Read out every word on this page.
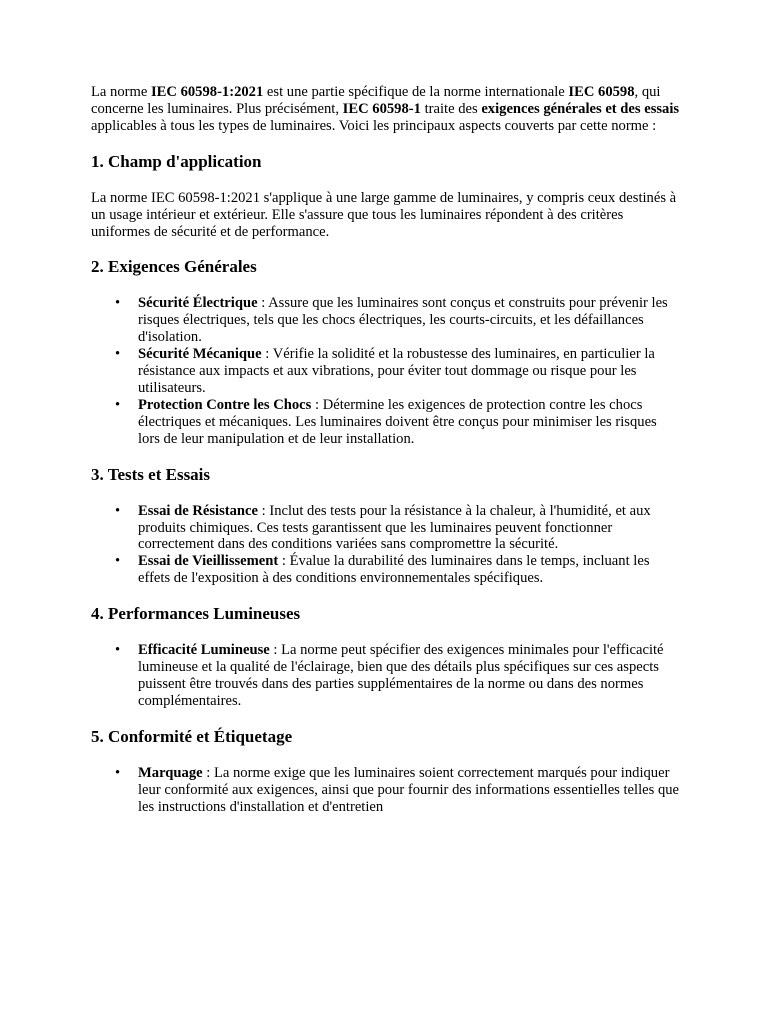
La norme IEC 60598-1:2021 est une partie spécifique de la norme internationale IEC 60598, qui concerne les luminaires. Plus précisément, IEC 60598-1 traite des exigences générales et des essais applicables à tous les types de luminaires. Voici les principaux aspects couverts par cette norme :

1. Champ d'application

La norme IEC 60598-1:2021 s'applique à une large gamme de luminaires, y compris ceux destinés à un usage intérieur et extérieur. Elle s'assure que tous les luminaires répondent à des critères uniformes de sécurité et de performance.

2. Exigences Générales
• Sécurité Électrique : Assure que les luminaires sont conçus et construits pour prévenir les risques électriques, tels que les chocs électriques, les courts-circuits, et les défaillances d'isolation.
• Sécurité Mécanique : Vérifie la solidité et la robustesse des luminaires, en particulier la résistance aux impacts et aux vibrations, pour éviter tout dommage ou risque pour les utilisateurs.
• Protection Contre les Chocs : Détermine les exigences de protection contre les chocs électriques et mécaniques. Les luminaires doivent être conçus pour minimiser les risques lors de leur manipulation et de leur installation.
3. Tests et Essais
• Essai de Résistance : Inclut des tests pour la résistance à la chaleur, à l'humidité, et aux produits chimiques. Ces tests garantissent que les luminaires peuvent fonctionner correctement dans des conditions variées sans compromettre la sécurité.
• Essai de Vieillissement : Évalue la durabilité des luminaires dans le temps, incluant les effets de l'exposition à des conditions environnementales spécifiques.
4. Performances Lumineuses
• Efficacité Lumineuse : La norme peut spécifier des exigences minimales pour l'efficacité lumineuse et la qualité de l'éclairage, bien que des détails plus spécifiques sur ces aspects puissent être trouvés dans des parties supplémentaires de la norme ou dans des normes complémentaires.
5. Conformité et Étiquetage
• Marquage : La norme exige que les luminaires soient correctement marqués pour indiquer leur conformité aux exigences, ainsi que pour fournir des informations essentielles telles que les instructions d'installation et d'entretien
